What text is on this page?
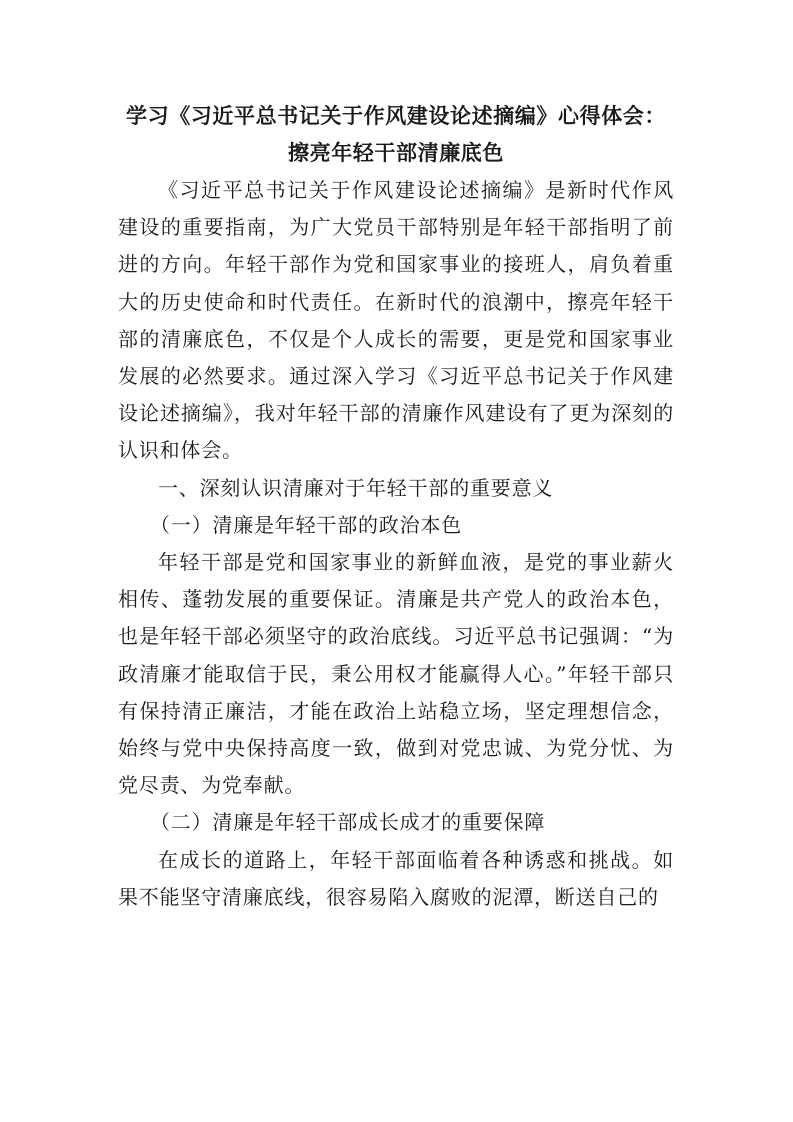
学习《习近平总书记关于作风建设论述摘编》心得体会：擦亮年轻干部清廉底色

《习近平总书记关于作风建设论述摘编》是新时代作风建设的重要指南，为广大党员干部特别是年轻干部指明了前进的方向。年轻干部作为党和国家事业的接班人，肩负着重大的历史使命和时代责任。在新时代的浪潮中，擦亮年轻干部的清廉底色，不仅是个人成长的需要，更是党和国家事业发展的必然要求。通过深入学习《习近平总书记关于作风建设论述摘编》，我对年轻干部的清廉作风建设有了更为深刻的认识和体会。

一、深刻认识清廉对于年轻干部的重要意义

（一）清廉是年轻干部的政治本色

年轻干部是党和国家事业的新鲜血液，是党的事业薪火相传、蓬勃发展的重要保证。清廉是共产党人的政治本色，也是年轻干部必须坚守的政治底线。习近平总书记强调：“为政清廉才能取信于民，秉公用权才能赢得人心。”年轻干部只有保持清正廉洁，才能在政治上站稳立场，坚定理想信念，始终与党中央保持高度一致，做到对党忠诚、为党分忧、为党尽责、为党奉献。

（二）清廉是年轻干部成长成才的重要保障

在成长的道路上，年轻干部面临着各种诱惑和挑战。如果不能坚守清廉底线，很容易陷入腐败的泥潭，断送自己的
